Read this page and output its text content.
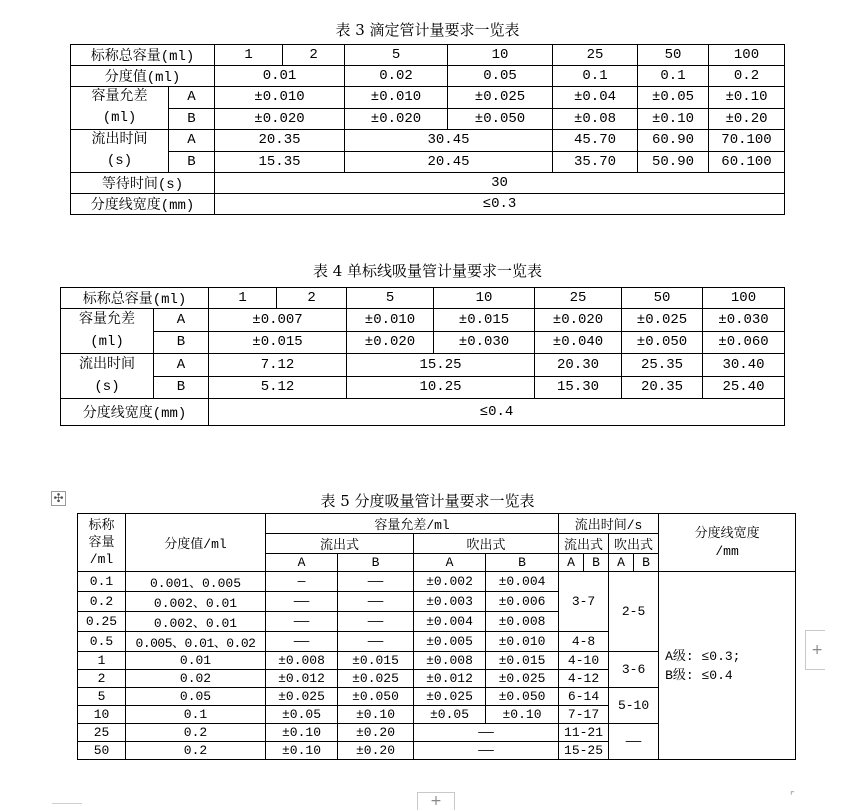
表 3 滴定管计量要求一览表
标称总容量(ml)		1	2	5	10	25	50	100
分度值(ml)		0.01		0.02	0.05	0.1	0.1	0.2
容量允差
(ml)	A	±0.010		±0.010	±0.025	±0.04	±0.05	±0.10
	B	±0.020		±0.020	±0.050	±0.08	±0.10	±0.20
流出时间
(s)	A	20.35		30.45		45.70	60.90	70.100
	B	15.35		20.45		35.70	50.90	60.100
等待时间(s)		30						
分度线宽度(mm)		≤0.3						
表 4 单标线吸量管计量要求一览表
标称总容量(ml)		1	2	5	10	25	50	100
容量允差
(ml)	A	±0.007		±0.010	±0.015	±0.020	±0.025	±0.030
	B	±0.015		±0.020	±0.030	±0.040	±0.050	±0.060
流出时间
(s)	A	7.12		15.25		20.30	25.35	30.40
	B	5.12		10.25		15.30	20.35	25.40
分度线宽度(mm)		≤0.4						
✣	表 5 分度吸量管计量要求一览表
标称
容量
/ml	分度值/ml	容量允差/ml				流出时间/s				分度线宽度
/mm
		流出式		吹出式		流出式		吹出式		
		A	B	A	B	A	B	A	B	
0.1	0.001、0.005	—	——	±0.002	±0.004	3-7		2-5		A级: ≤0.3;
B级: ≤0.4
0.2	0.002、0.01	——	——	±0.003	±0.006					
0.25	0.002、0.01	——	——	±0.004	±0.008					
0.5	0.005、0.01、0.02	——	——	±0.005	±0.010	4-8				
1	0.01	±0.008	±0.015	±0.008	±0.015	4-10		3-6		
2	0.02	±0.012	±0.025	±0.012	±0.025	4-12				
5	0.05	±0.025	±0.050	±0.025	±0.050	6-14		5-10		
10	0.1	±0.05	±0.10	±0.05	±0.10	7-17				
25	0.2	±0.10	±0.20	——		11-21		——		
50	0.2	±0.10	±0.20	——		15-25				
+
+
⌜
